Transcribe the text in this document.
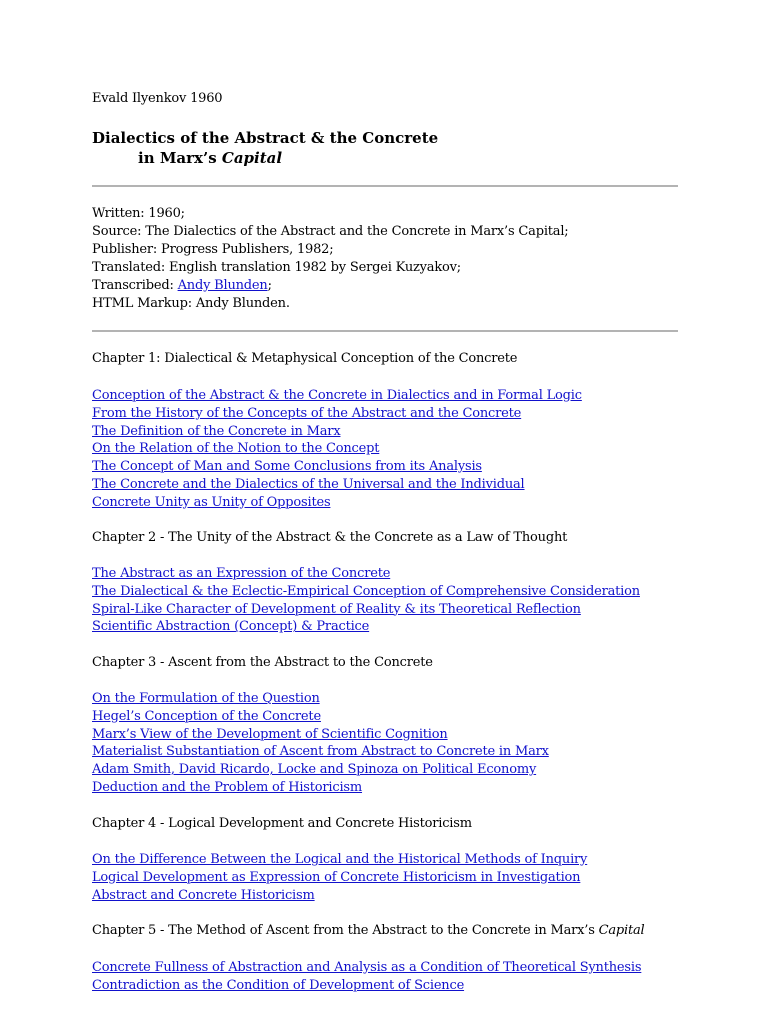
Evald Ilyenkov 1960
Dialectics of the Abstract & the Concrete
in Marx’s Capital
Written: 1960;
Source: The Dialectics of the Abstract and the Concrete in Marx’s Capital;
Publisher: Progress Publishers, 1982;
Translated: English translation 1982 by Sergei Kuzyakov;
Transcribed: Andy Blunden;
HTML Markup: Andy Blunden.
Chapter 1: Dialectical & Metaphysical Conception of the Concrete
Conception of the Abstract & the Concrete in Dialectics and in Formal Logic
From the History of the Concepts of the Abstract and the Concrete
The Definition of the Concrete in Marx
On the Relation of the Notion to the Concept
The Concept of Man and Some Conclusions from its Analysis
The Concrete and the Dialectics of the Universal and the Individual
Concrete Unity as Unity of Opposites
Chapter 2 - The Unity of the Abstract & the Concrete as a Law of Thought
The Abstract as an Expression of the Concrete
The Dialectical & the Eclectic-Empirical Conception of Comprehensive Consideration
Spiral-Like Character of Development of Reality & its Theoretical Reflection
Scientific Abstraction (Concept) & Practice
Chapter 3 - Ascent from the Abstract to the Concrete
On the Formulation of the Question
Hegel’s Conception of the Concrete
Marx’s View of the Development of Scientific Cognition
Materialist Substantiation of Ascent from Abstract to Concrete in Marx
Adam Smith, David Ricardo, Locke and Spinoza on Political Economy
Deduction and the Problem of Historicism
Chapter 4 - Logical Development and Concrete Historicism
On the Difference Between the Logical and the Historical Methods of Inquiry
Logical Development as Expression of Concrete Historicism in Investigation
Abstract and Concrete Historicism
Chapter 5 - The Method of Ascent from the Abstract to the Concrete in Marx’s Capital
Concrete Fullness of Abstraction and Analysis as a Condition of Theoretical Synthesis
Contradiction as the Condition of Development of Science
